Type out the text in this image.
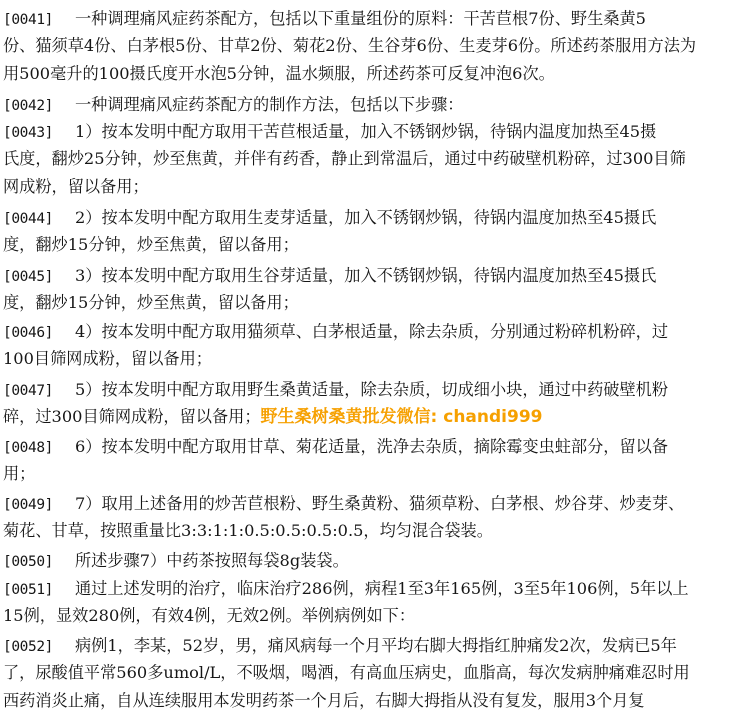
[0041] 一种调理痛风症药茶配方，包括以下重量组份的原料：干苦苣根7份、野生桑黄5
份、猫须草4份、白茅根5份、甘草2份、菊花2份、生谷芽6份、生麦芽6份。所述药茶服用方法为
用500毫升的100摄氏度开水泡5分钟，温水频服，所述药茶可反复冲泡6次。
[0042] 一种调理痛风症药茶配方的制作方法，包括以下步骤：
[0043] 1）按本发明中配方取用干苦苣根适量，加入不锈钢炒锅，待锅内温度加热至45摄
氏度，翻炒25分钟，炒至焦黄，并伴有药香，静止到常温后，通过中药破壁机粉碎，过300目筛
网成粉，留以备用；
[0044] 2）按本发明中配方取用生麦芽适量，加入不锈钢炒锅，待锅内温度加热至45摄氏
度，翻炒15分钟，炒至焦黄，留以备用；
[0045] 3）按本发明中配方取用生谷芽适量，加入不锈钢炒锅，待锅内温度加热至45摄氏
度，翻炒15分钟，炒至焦黄，留以备用；
[0046] 4）按本发明中配方取用猫须草、白茅根适量，除去杂质，分别通过粉碎机粉碎，过
100目筛网成粉，留以备用；
[0047] 5）按本发明中配方取用野生桑黄适量，除去杂质，切成细小块，通过中药破壁机粉
碎，过300目筛网成粉，留以备用；野生桑树桑黄批发微信: chandi999
[0048] 6）按本发明中配方取用甘草、菊花适量，洗净去杂质，摘除霉变虫蛀部分，留以备
用；
[0049] 7）取用上述备用的炒苦苣根粉、野生桑黄粉、猫须草粉、白茅根、炒谷芽、炒麦芽、
菊花、甘草，按照重量比3:3:1:1:0.5:0.5:0.5:0.5，均匀混合袋装。
[0050] 所述步骤7）中药茶按照每袋8g装袋。
[0051] 通过上述发明的治疗，临床治疗286例，病程1至3年165例，3至5年106例，5年以上
15例，显效280例，有效4例，无效2例。举例病例如下：
[0052] 病例1，李某，52岁，男，痛风病每一个月平均右脚大拇指红肿痛发2次，发病已5年
了，尿酸值平常560多umol/L，不吸烟，喝酒，有高血压病史，血脂高，每次发病肿痛难忍时用
西药消炎止痛，自从连续服用本发明药茶一个月后，右脚大拇指从没有复发，服用3个月复
